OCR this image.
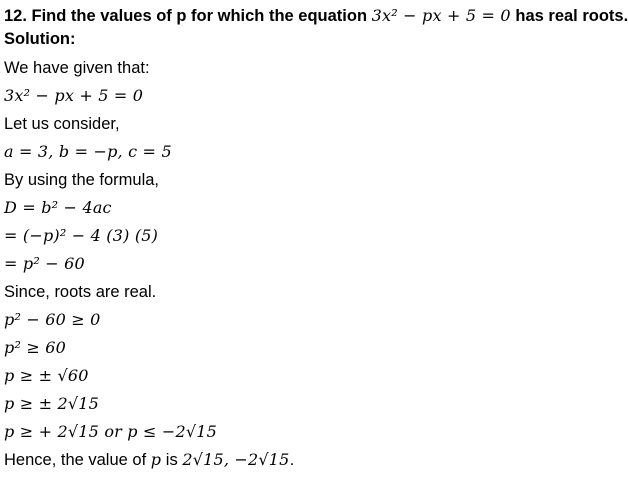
12. Find the values of p for which the equation 3x² − px + 5 = 0 has real roots.
Solution:
We have given that:
3x² − px + 5 = 0
Let us consider,
a = 3, b = −p, c = 5
By using the formula,
D = b² − 4ac
= (−p)² − 4 (3) (5)
= p² − 60
Since, roots are real.
p² − 60 ≥ 0
p² ≥ 60
p ≥ ± √60
p ≥ ± 2√15
p ≥ + 2√15 or p ≤ −2√15
Hence, the value of p is 2√15, −2√15.
